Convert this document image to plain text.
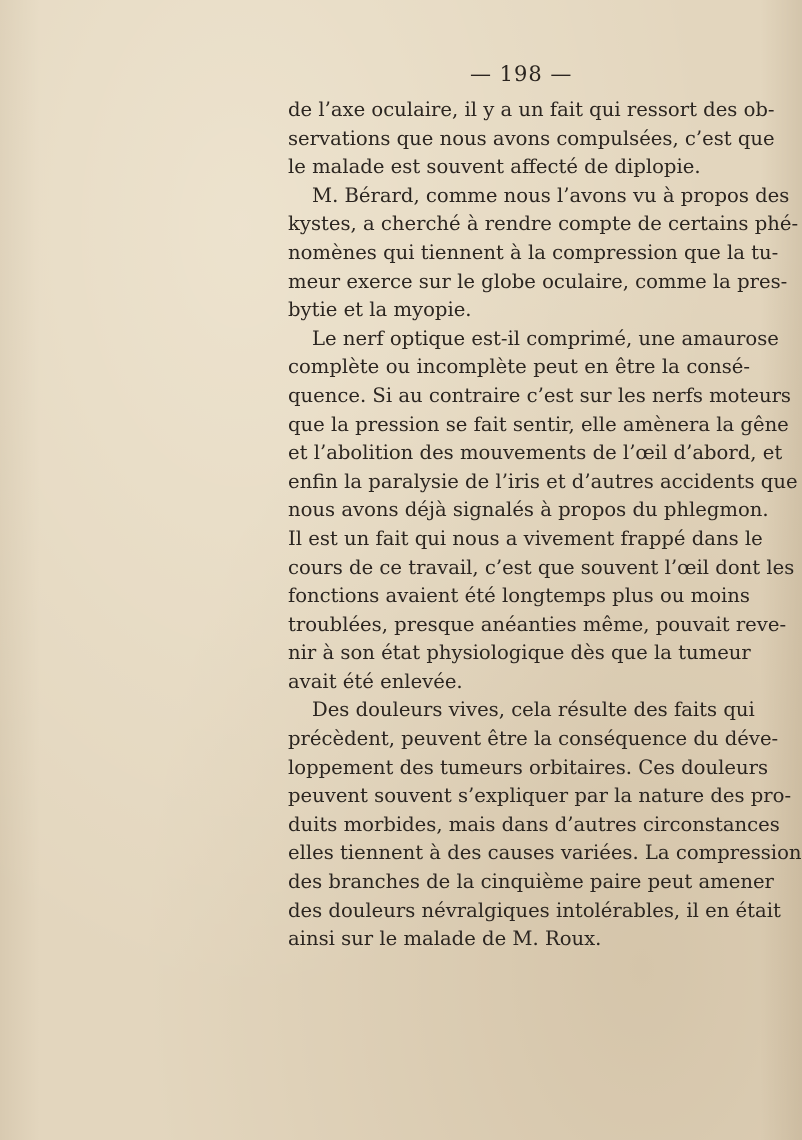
— 198 —
de l’axe oculaire, il y a un fait qui ressort des ob-
servations que nous avons compulsées, c’est que
le malade est souvent affecté de diplopie.
M. Bérard, comme nous l’avons vu à propos des
kystes, a cherché à rendre compte de certains phé-
nomènes qui tiennent à la compression que la tu-
meur exerce sur le globe oculaire, comme la pres-
bytie et la myopie.
Le nerf optique est-il comprimé, une amaurose
complète ou incomplète peut en être la consé-
quence. Si au contraire c’est sur les nerfs moteurs
que la pression se fait sentir, elle amènera la gêne
et l’abolition des mouvements de l’œil d’abord, et
enfin la paralysie de l’iris et d’autres accidents que
nous avons déjà signalés à propos du phlegmon.
Il est un fait qui nous a vivement frappé dans le
cours de ce travail, c’est que souvent l’œil dont les
fonctions avaient été longtemps plus ou moins
troublées, presque anéanties même, pouvait reve-
nir à son état physiologique dès que la tumeur
avait été enlevée.
Des douleurs vives, cela résulte des faits qui
précèdent, peuvent être la conséquence du déve-
loppement des tumeurs orbitaires. Ces douleurs
peuvent souvent s’expliquer par la nature des pro-
duits morbides, mais dans d’autres circonstances
elles tiennent à des causes variées. La compression
des branches de la cinquième paire peut amener
des douleurs névralgiques intolérables, il en était
ainsi sur le malade de M. Roux.
